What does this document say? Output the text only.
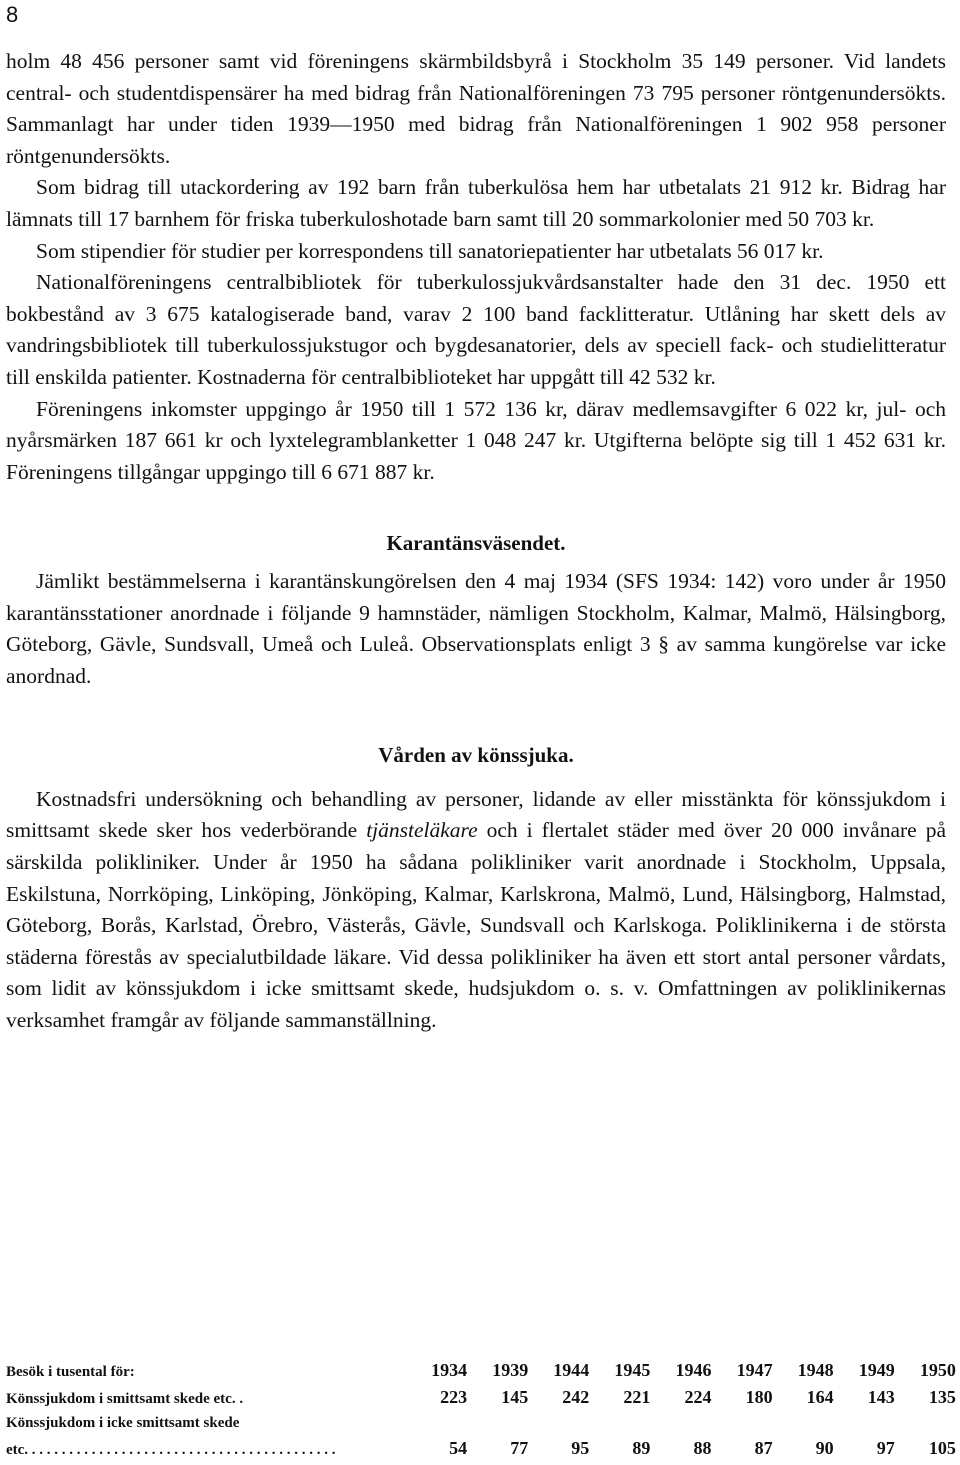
8

holm 48 456 personer samt vid föreningens skärmbildsbyrå i Stockholm 35 149 personer. Vid landets central- och studentdispensärer ha med bidrag från Nationalföreningen 73 795 personer röntgenundersökts. Sammanlagt har under tiden 1939—1950 med bidrag från Nationalföreningen 1 902 958 personer röntgenundersökts.

Som bidrag till utackordering av 192 barn från tuberkulösa hem har utbetalats 21 912 kr. Bidrag har lämnats till 17 barnhem för friska tuberkuloshotade barn samt till 20 sommarkolonier med 50 703 kr.

Som stipendier för studier per korrespondens till sanatoriepatienter har utbetalats 56 017 kr.

Nationalföreningens centralbibliotek för tuberkulossjukvårdsanstalter hade den 31 dec. 1950 ett bokbestånd av 3 675 katalogiserade band, varav 2 100 band facklitteratur. Utlåning har skett dels av vandringsbibliotek till tuberkulossjukstugor och bygdesanatorier, dels av speciell fack- och studielitteratur till enskilda patienter. Kostnaderna för centralbiblioteket har uppgått till 42 532 kr.

Föreningens inkomster uppgingo år 1950 till 1 572 136 kr, därav medlemsavgifter 6 022 kr, jul- och nyårsmärken 187 661 kr och lyxtelegramblanketter 1 048 247 kr. Utgifterna belöpte sig till 1 452 631 kr. Föreningens tillgångar uppgingo till 6 671 887 kr.

Karantänsväsendet.

Jämlikt bestämmelserna i karantänskungörelsen den 4 maj 1934 (SFS 1934: 142) voro under år 1950 karantänsstationer anordnade i följande 9 hamnstäder, nämligen Stockholm, Kalmar, Malmö, Hälsingborg, Göteborg, Gävle, Sundsvall, Umeå och Luleå. Observationsplats enligt 3 § av samma kungörelse var icke anordnad.

Vården av könssjuka.

Kostnadsfri undersökning och behandling av personer, lidande av eller misstänkta för könssjukdom i smittsamt skede sker hos vederbörande tjänsteläkare och i flertalet städer med över 20 000 invånare på särskilda polikliniker. Under år 1950 ha sådana polikliniker varit anordnade i Stockholm, Uppsala, Eskilstuna, Norrköping, Linköping, Jönköping, Kalmar, Karlskrona, Malmö, Lund, Hälsingborg, Halmstad, Göteborg, Borås, Karlstad, Örebro, Västerås, Gävle, Sundsvall och Karlskoga. Poliklinikerna i de största städerna förestås av specialutbildade läkare. Vid dessa polikliniker ha även ett stort antal personer vårdats, som lidit av könssjukdom i icke smittsamt skede, hudsjukdom o. s. v. Omfattningen av poliklinikernas verksamhet framgår av följande sammanställning.

Besök i tusental för:	1934	1939	1944	1945	1946	1947	1948	1949	1950
Könssjukdom i smittsamt skede etc. .	223	145	242	221	224	180	164	143	135
Könssjukdom i icke smittsamt skede
etc. . . . . . . . . . . . . . . . . . . . . . . . . . . . . . . . . . . . . . . . . .	54	77	95	89	88	87	90	97	105
